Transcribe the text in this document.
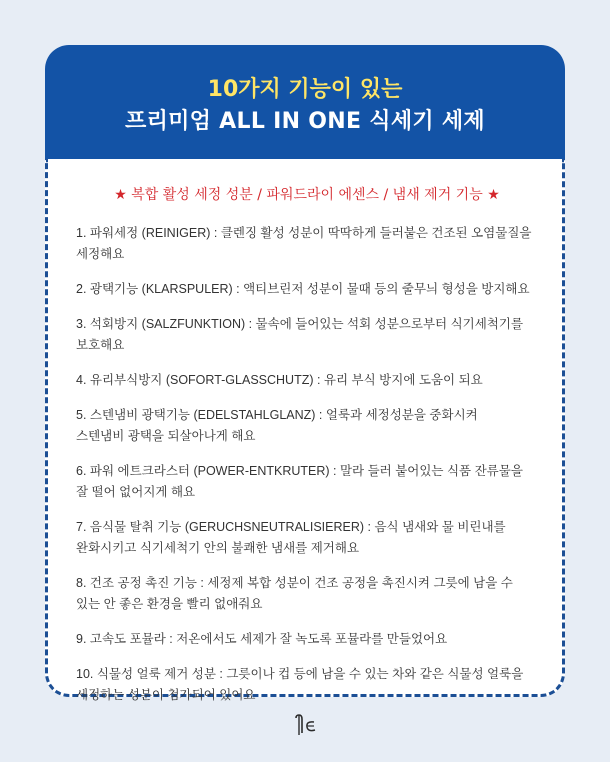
10가지 기능이 있는
프리미엄 ALL IN ONE 식세기 세제
★ 복합 활성 세정 성분 / 파워드라이 에센스 / 냄새 제거 기능 ★
1. 파워세정 (REINIGER) : 클렌징 활성 성분이 딱딱하게 들러붙은 건조된 오염물질을
세정해요
2. 광택기능 (KLARSPULER) : 액티브린저 성분이 물때 등의 줄무늬 형성을 방지해요
3. 석회방지 (SALZFUNKTION) : 물속에 들어있는 석회 성분으로부터 식기세척기를
보호해요
4. 유리부식방지 (SOFORT-GLASSCHUTZ) : 유리 부식 방지에 도움이 되요
5. 스텐냄비 광택기능 (EDELSTAHLGLANZ) : 얼룩과 세정성분을 중화시켜
스텐냄비 광택을 되살아나게 해요
6. 파워 에트크라스터 (POWER-ENTKRUTER) : 말라 들러 붙어있는 식품 잔류물을
잘 떨어 없어지게 해요
7. 음식물 탈취 기능 (GERUCHSNEUTRALISIERER) : 음식 냄새와 물 비린내를
완화시키고 식기세척기 안의 불쾌한 냄새를 제거해요
8. 건조 공정 촉진 기능 : 세정제 복합 성분이 건조 공정을 촉진시켜 그릇에 남을 수
있는 안 좋은 환경을 빨리 없애줘요
9. 고속도 포뮬라 : 저온에서도 세제가 잘 녹도록 포뮬라를 만들었어요
10. 식물성 얼룩 제거 성분 : 그릇이나 컵 등에 남을 수 있는 차와 같은 식물성 얼룩을
세정하는 성분이 첨가되어 있어요
